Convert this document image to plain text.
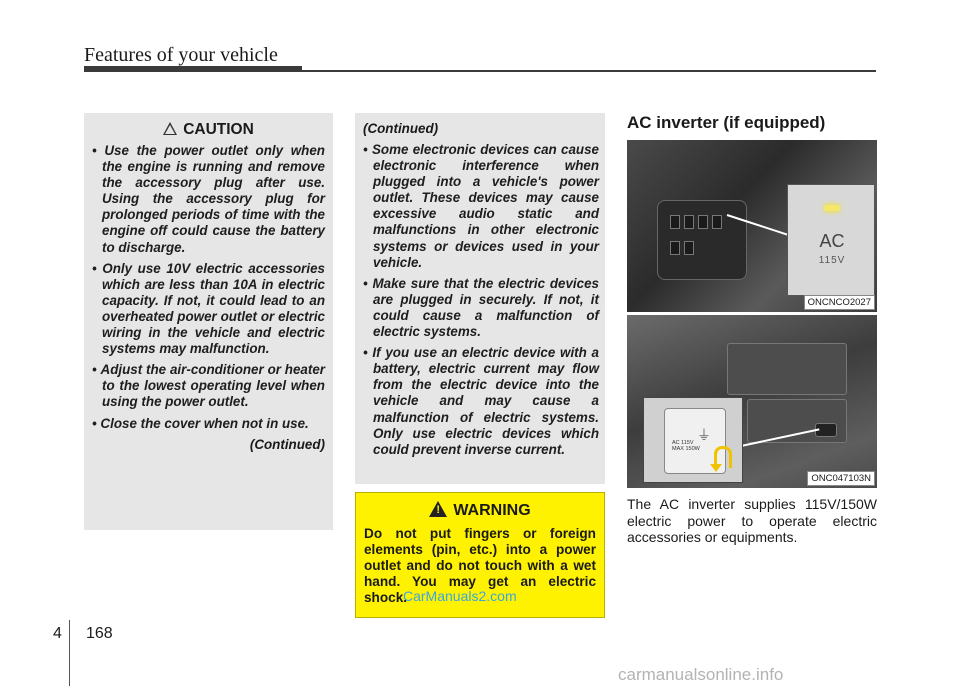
Features of your vehicle
CAUTION
• Use the power outlet only when the engine is running and remove the accessory plug after use. Using the accessory plug for prolonged periods of time with the engine off could cause the battery to discharge.
• Only use 10V electric accessories which are less than 10A in electric capacity. If not, it could lead to an overheated power outlet or electric wiring in the vehicle and electric systems may malfunction.
• Adjust the air-conditioner or heater to the lowest operating level when using the power outlet.
• Close the cover when not in use.
(Continued)
(Continued)
• Some electronic devices can cause electronic interference when plugged into a vehicle's power outlet. These devices may cause excessive audio static and malfunctions in other electronic systems or devices used in your vehicle.
• Make sure that the electric devices are plugged in securely. If not, it could cause a malfunction of electric systems.
• If you use an electric device with a battery, electric current may flow from the electric device into the vehicle and may cause a malfunction of electric systems. Only use electric devices which could prevent inverse current.
!WARNING
Do not put fingers or foreign elements (pin, etc.) into a power outlet and do not touch with a wet hand. You may get an electric shock.
CarManuals2.com
AC inverter (if equipped)
AC
115V
ONCNCO2027
⏚
AC 115V
MAX 150W
ONC047103N
The AC inverter supplies 115V/150W electric power to operate electric accessories or equipments.
4 168
carmanualsonline.info
